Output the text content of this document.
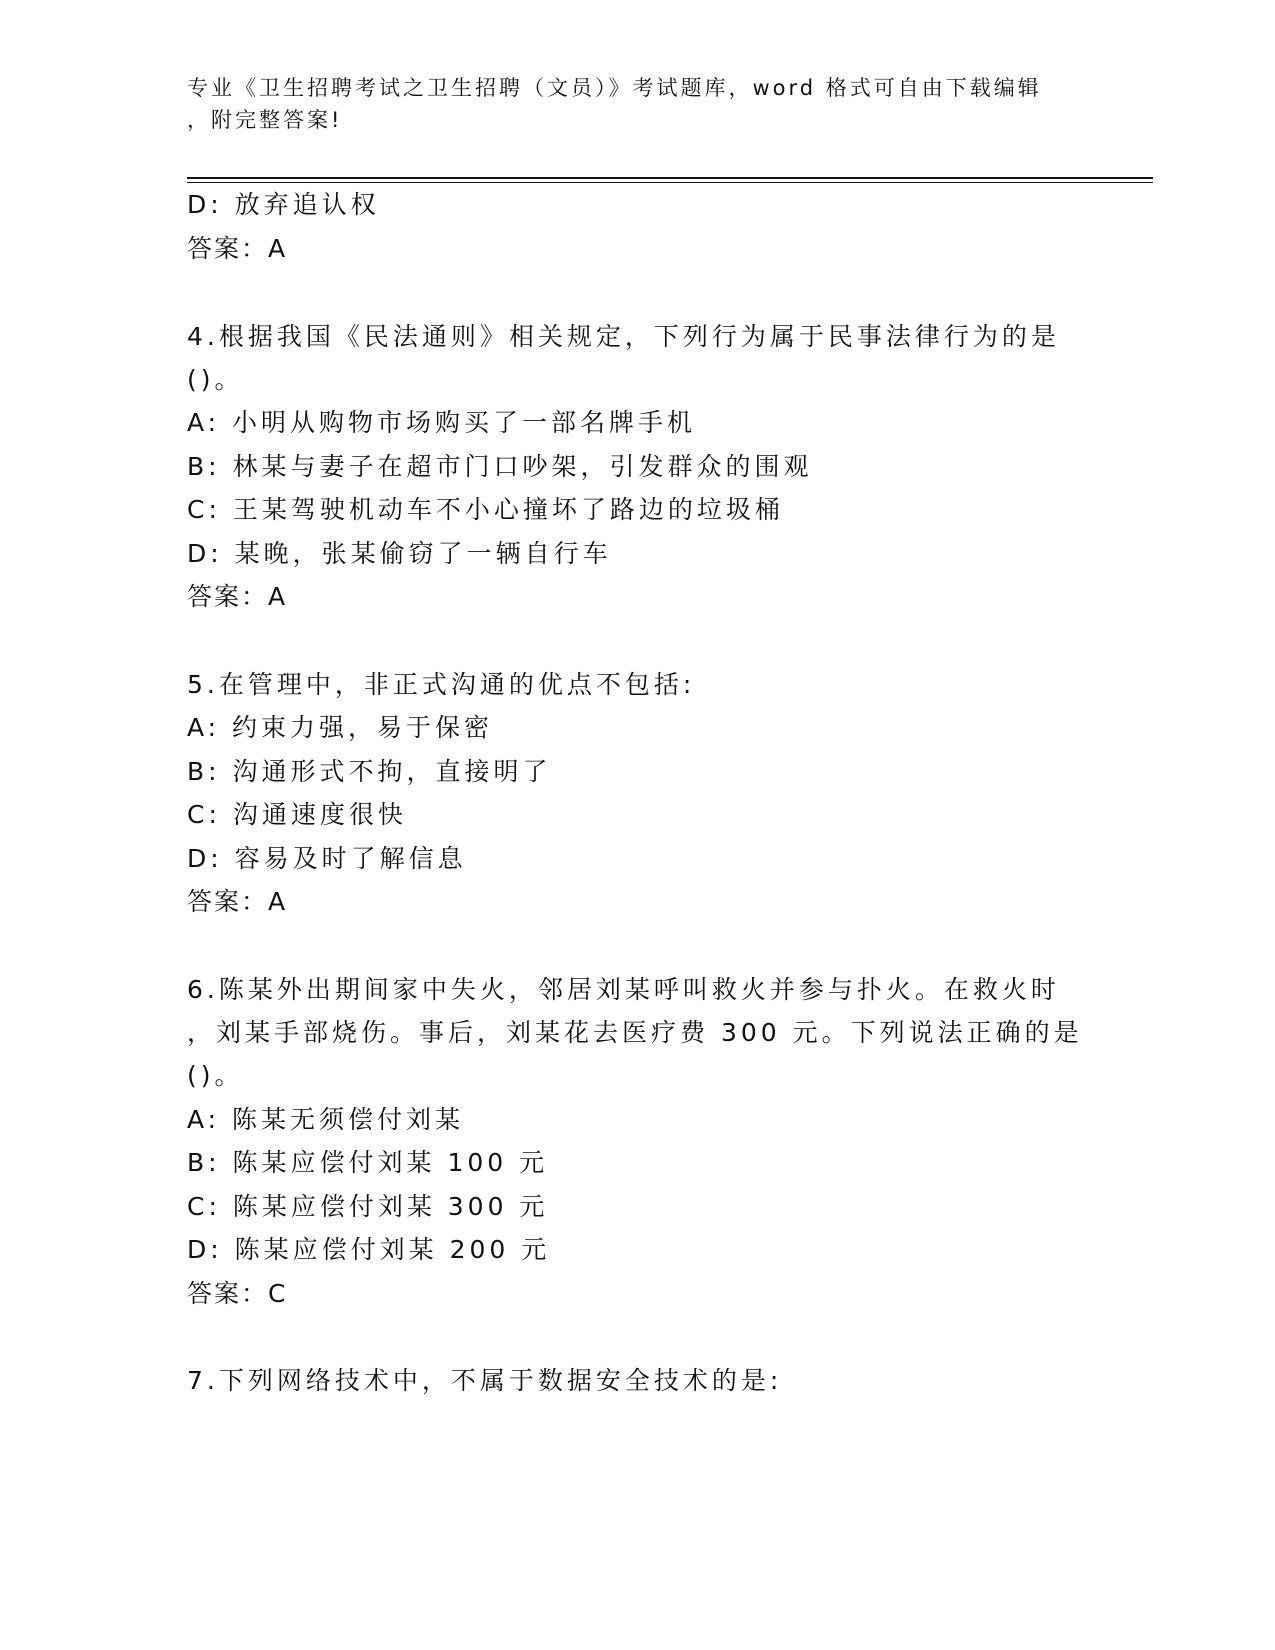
专业《卫生招聘考试之卫生招聘（文员）》考试题库，word 格式可自由下载编辑
，附完整答案!
D: 放弃追认权
答案：A
4.根据我国《民法通则》相关规定，下列行为属于民事法律行为的是
()。
A: 小明从购物市场购买了一部名牌手机
B: 林某与妻子在超市门口吵架，引发群众的围观
C: 王某驾驶机动车不小心撞坏了路边的垃圾桶
D: 某晚，张某偷窃了一辆自行车
答案：A
5.在管理中，非正式沟通的优点不包括:
A: 约束力强，易于保密
B: 沟通形式不拘，直接明了
C: 沟通速度很快
D: 容易及时了解信息
答案：A
6.陈某外出期间家中失火，邻居刘某呼叫救火并参与扑火。在救火时
，刘某手部烧伤。事后，刘某花去医疗费 300 元。下列说法正确的是
()。
A: 陈某无须偿付刘某
B: 陈某应偿付刘某 100 元
C: 陈某应偿付刘某 300 元
D: 陈某应偿付刘某 200 元
答案：C
7.下列网络技术中，不属于数据安全技术的是:
